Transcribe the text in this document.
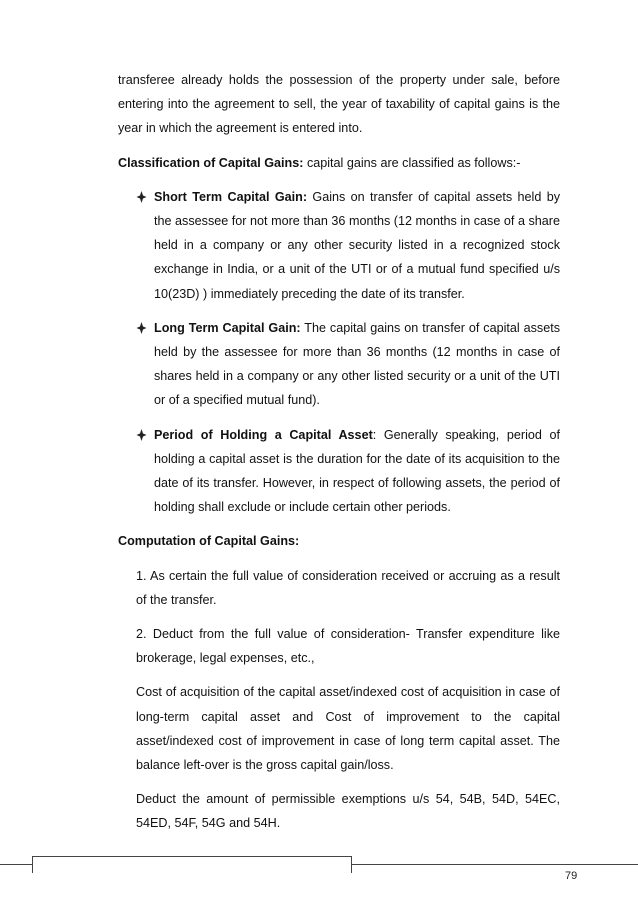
transferee already holds the possession of the property under sale, before entering into the agreement to sell, the year of taxability of capital gains is the year in which the agreement is entered into.

Classification of Capital Gains: capital gains are classified as follows:-

Short Term Capital Gain: Gains on transfer of capital assets held by the assessee for not more than 36 months (12 months in case of a share held in a company or any other security listed in a recognized stock exchange in India, or a unit of the UTI or of a mutual fund specified u/s 10(23D) ) immediately preceding the date of its transfer.
Long Term Capital Gain: The capital gains on transfer of capital assets held by the assessee for more than 36 months (12 months in case of shares held in a company or any other listed security or a unit of the UTI or of a specified mutual fund).
Period of Holding a Capital Asset: Generally speaking, period of holding a capital asset is the duration for the date of its acquisition to the date of its transfer. However, in respect of following assets, the period of holding shall exclude or include certain other periods.

Computation of Capital Gains:

1. As certain the full value of consideration received or accruing as a result of the transfer.

2. Deduct from the full value of consideration- Transfer expenditure like brokerage, legal expenses, etc.,

Cost of acquisition of the capital asset/indexed cost of acquisition in case of long-term capital asset and Cost of improvement to the capital asset/indexed cost of improvement in case of long term capital asset. The balance left-over is the gross capital gain/loss.

Deduct the amount of permissible exemptions u/s 54, 54B, 54D, 54EC, 54ED, 54F, 54G and 54H.

79
